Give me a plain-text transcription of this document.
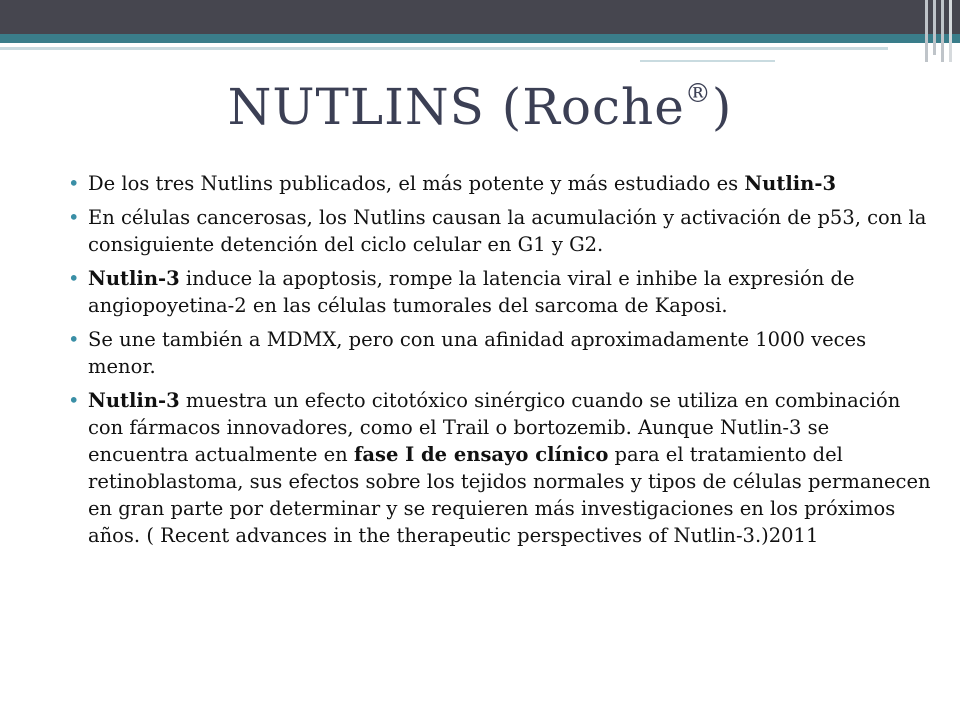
NUTLINS (Roche®)
• De los tres Nutlins publicados, el más potente y más estudiado es Nutlin-3
• En células cancerosas, los Nutlins causan la acumulación y activación de p53, con la consiguiente detención del ciclo celular en G1 y G2.
• Nutlin-3 induce la apoptosis, rompe la latencia viral e inhibe la expresión de angiopoyetina-2 en las células tumorales del sarcoma de Kaposi.
• Se une también a MDMX, pero con una afinidad aproximadamente 1000 veces menor.
• Nutlin-3 muestra un efecto citotóxico sinérgico cuando se utiliza en combinación con fármacos innovadores, como el Trail o bortozemib. Aunque Nutlin-3 se encuentra actualmente en fase I de ensayo clínico para el tratamiento del retinoblastoma, sus efectos sobre los tejidos normales y tipos de células permanecen en gran parte por determinar y se requieren más investigaciones en los próximos años. ( Recent advances in the therapeutic perspectives of Nutlin-3.)2011
